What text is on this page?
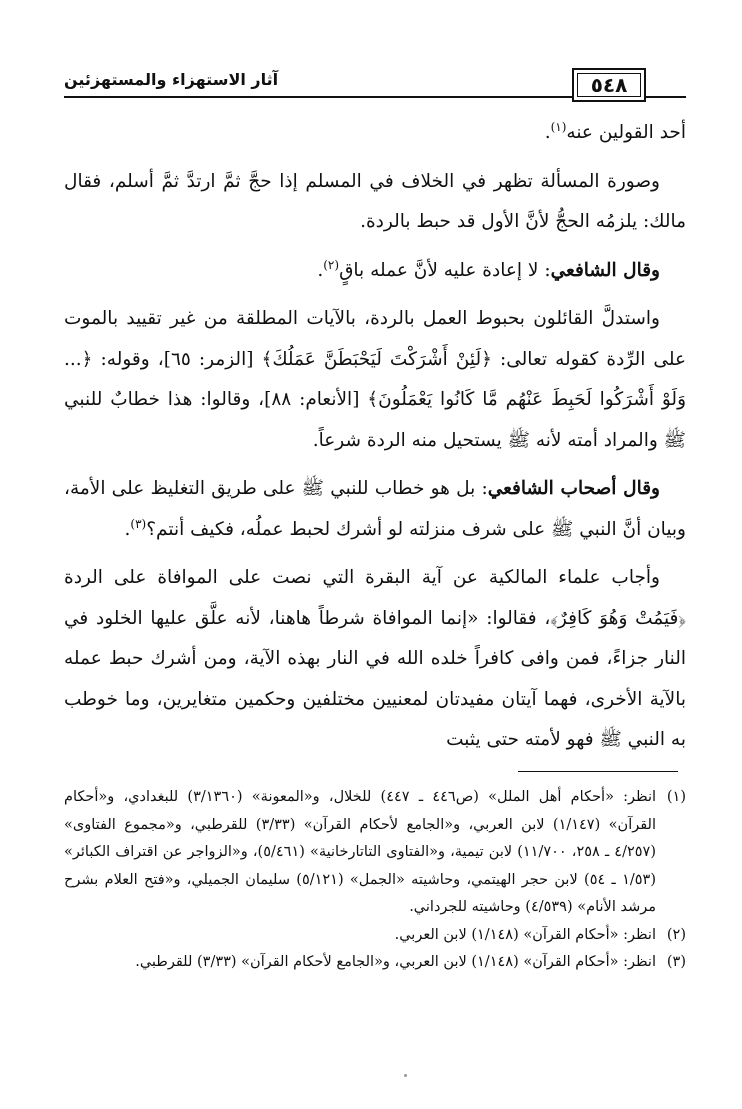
٥٤٨
آثار الاستهزاء والمستهزئين

أحد القولين عنه$^{(١)}$.

وصورة المسألة تظهر في الخلاف في المسلم إذا حجَّ ثمَّ ارتدَّ ثمَّ أسلم، فقال مالك: يلزمُه الحجُّ لأنَّ الأول قد حبط بالردة.

وقال الشافعي: لا إعادة عليه لأنَّ عمله باقٍ$^{(٢)}$.

واستدلَّ القائلون بحبوط العمل بالردة، بالآيات المطلقة من غير تقييد بالموت على الرِّدة كقوله تعالى: ﴿لَئِنْ أَشْرَكْتَ لَيَحْبَطَنَّ عَمَلُكَ﴾ [الزمر: ٦٥]، وقوله: ﴿... وَلَوْ أَشْرَكُوا لَحَبِطَ عَنْهُم مَّا كَانُوا يَعْمَلُونَ﴾ [الأنعام: ٨٨]، وقالوا: هذا خطابٌ للنبي ﷺ والمراد أمته لأنه ﷺ يستحيل منه الردة شرعاً.

وقال أصحاب الشافعي: بل هو خطاب للنبي ﷺ على طريق التغليظ على الأمة، وبيان أنَّ النبي ﷺ على شرف منزلته لو أشرك لحبط عملُه، فكيف أنتم؟$^{(٣)}$.

وأجاب علماء المالكية عن آية البقرة التي نصت على الموافاة على الردة ﴿فَيَمُتْ وَهُوَ كَافِرٌ﴾، فقالوا: «إنما الموافاة شرطاً هاهنا، لأنه علَّق عليها الخلود في النار جزاءً، فمن وافى كافراً خلده الله في النار بهذه الآية، ومن أشرك حبط عمله بالآية الأخرى، فهما آيتان مفيدتان لمعنيين مختلفين وحكمين متغايرين، وما خوطب به النبي ﷺ فهو لأمته حتى يثبت

(١)
انظر: «أحكام أهل الملل» (ص٤٤٦ ـ ٤٤٧) للخلال، و«المعونة» (٣/١٣٦٠) للبغدادي، و«أحكام القرآن» (١/١٤٧) لابن العربي، و«الجامع لأحكام القرآن» (٣/٣٣) للقرطبي، و«مجموع الفتاوى» (٤/٢٥٧ ـ ٢٥٨، ١١/٧٠٠) لابن تيمية، و«الفتاوى التاتارخانية» (٥/٤٦١)، و«الزواجر عن اقتراف الكبائر» (١/٥٣ ـ ٥٤) لابن حجر الهيتمي، وحاشيته «الجمل» (٥/١٢١) سليمان الجميلي، و«فتح العلام بشرح مرشد الأنام» (٤/٥٣٩) وحاشيته للجرداني.
(٢)
انظر: «أحكام القرآن» (١/١٤٨) لابن العربي.
(٣)
انظر: «أحكام القرآن» (١/١٤٨) لابن العربي، و«الجامع لأحكام القرآن» (٣/٣٣) للقرطبي.
